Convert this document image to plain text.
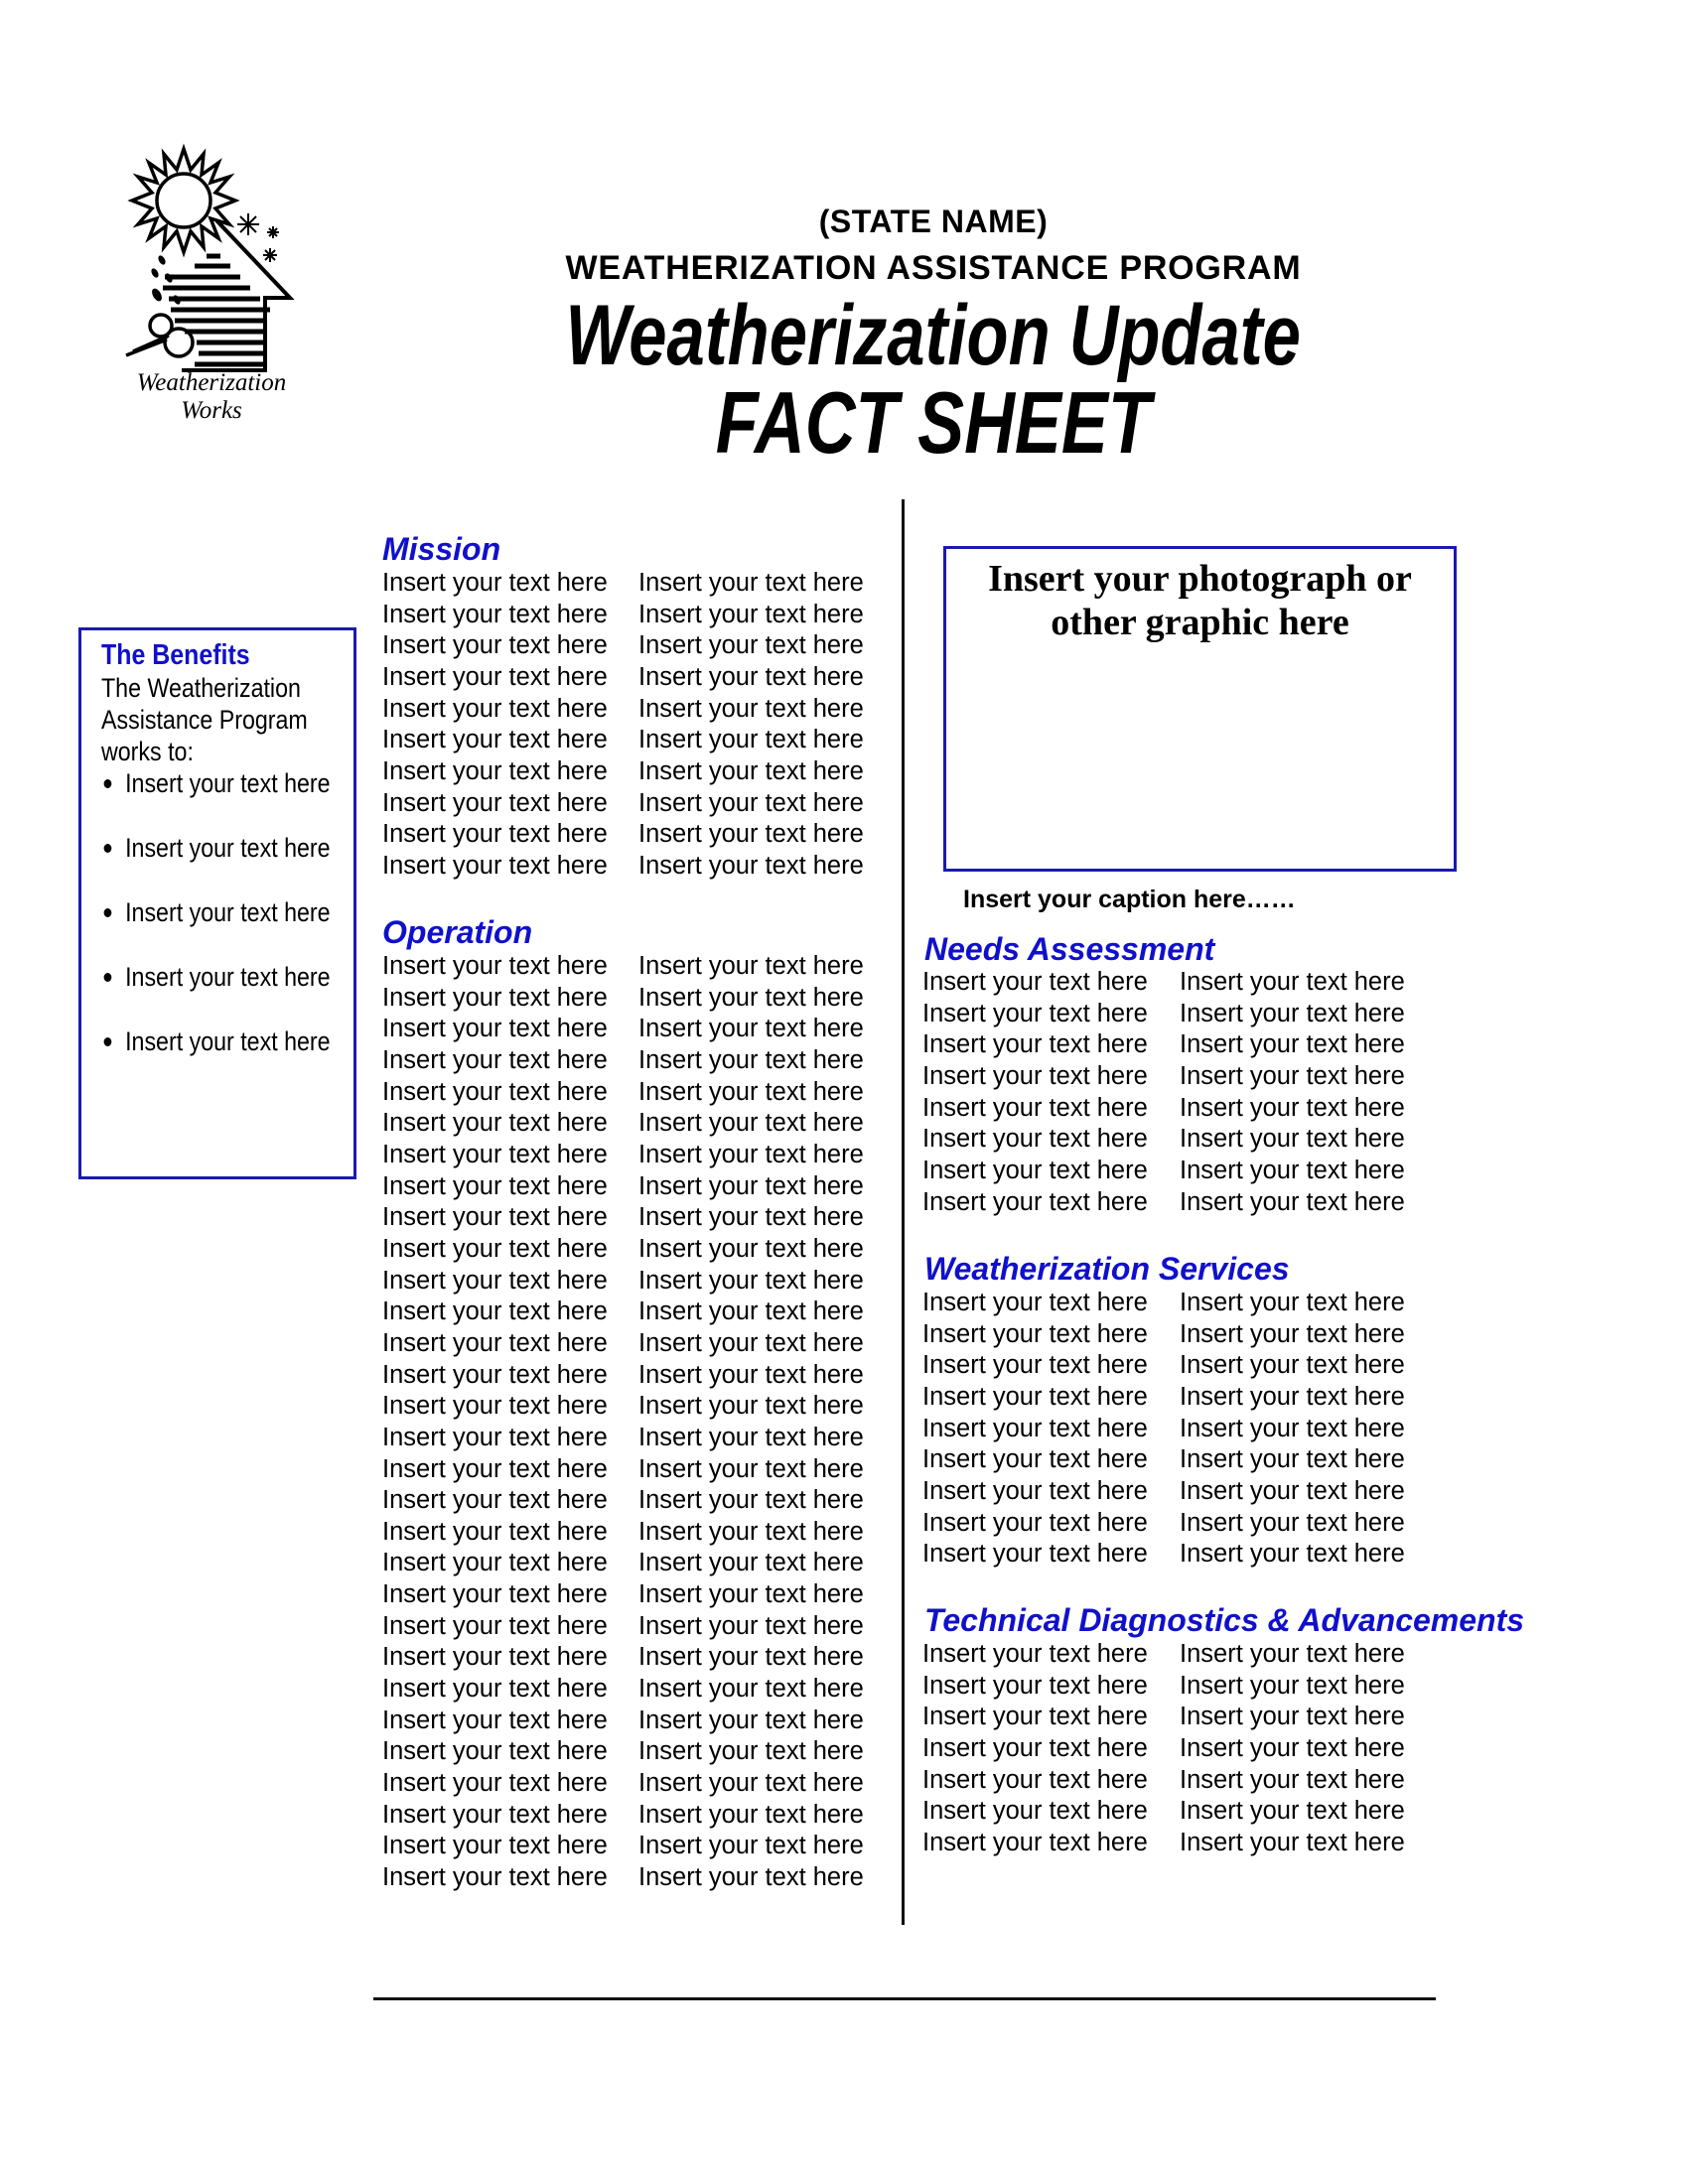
Weatherization
Works
(STATE NAME)
WEATHERIZATION ASSISTANCE PROGRAM
Weatherization Update
FACT SHEET
The Benefits
The Weatherization
Assistance Program
works to:
Insert your text here
Insert your text here
Insert your text here
Insert your text here
Insert your text here
Mission
Insert your text here Insert your text here
Insert your text here Insert your text here
Insert your text here Insert your text here
Insert your text here Insert your text here
Insert your text here Insert your text here
Insert your text here Insert your text here
Insert your text here Insert your text here
Insert your text here Insert your text here
Insert your text here Insert your text here
Insert your text here Insert your text here
Operation
Insert your text here Insert your text here
Insert your text here Insert your text here
Insert your text here Insert your text here
Insert your text here Insert your text here
Insert your text here Insert your text here
Insert your text here Insert your text here
Insert your text here Insert your text here
Insert your text here Insert your text here
Insert your text here Insert your text here
Insert your text here Insert your text here
Insert your text here Insert your text here
Insert your text here Insert your text here
Insert your text here Insert your text here
Insert your text here Insert your text here
Insert your text here Insert your text here
Insert your text here Insert your text here
Insert your text here Insert your text here
Insert your text here Insert your text here
Insert your text here Insert your text here
Insert your text here Insert your text here
Insert your text here Insert your text here
Insert your text here Insert your text here
Insert your text here Insert your text here
Insert your text here Insert your text here
Insert your text here Insert your text here
Insert your text here Insert your text here
Insert your text here Insert your text here
Insert your text here Insert your text here
Insert your text here Insert your text here
Insert your text here Insert your text here
Insert your photograph or other graphic here
Insert your caption here……
Needs Assessment
Insert your text here Insert your text here
Insert your text here Insert your text here
Insert your text here Insert your text here
Insert your text here Insert your text here
Insert your text here Insert your text here
Insert your text here Insert your text here
Insert your text here Insert your text here
Insert your text here Insert your text here
Weatherization Services
Insert your text here Insert your text here
Insert your text here Insert your text here
Insert your text here Insert your text here
Insert your text here Insert your text here
Insert your text here Insert your text here
Insert your text here Insert your text here
Insert your text here Insert your text here
Insert your text here Insert your text here
Insert your text here Insert your text here
Technical Diagnostics & Advancements
Insert your text here Insert your text here
Insert your text here Insert your text here
Insert your text here Insert your text here
Insert your text here Insert your text here
Insert your text here Insert your text here
Insert your text here Insert your text here
Insert your text here Insert your text here
